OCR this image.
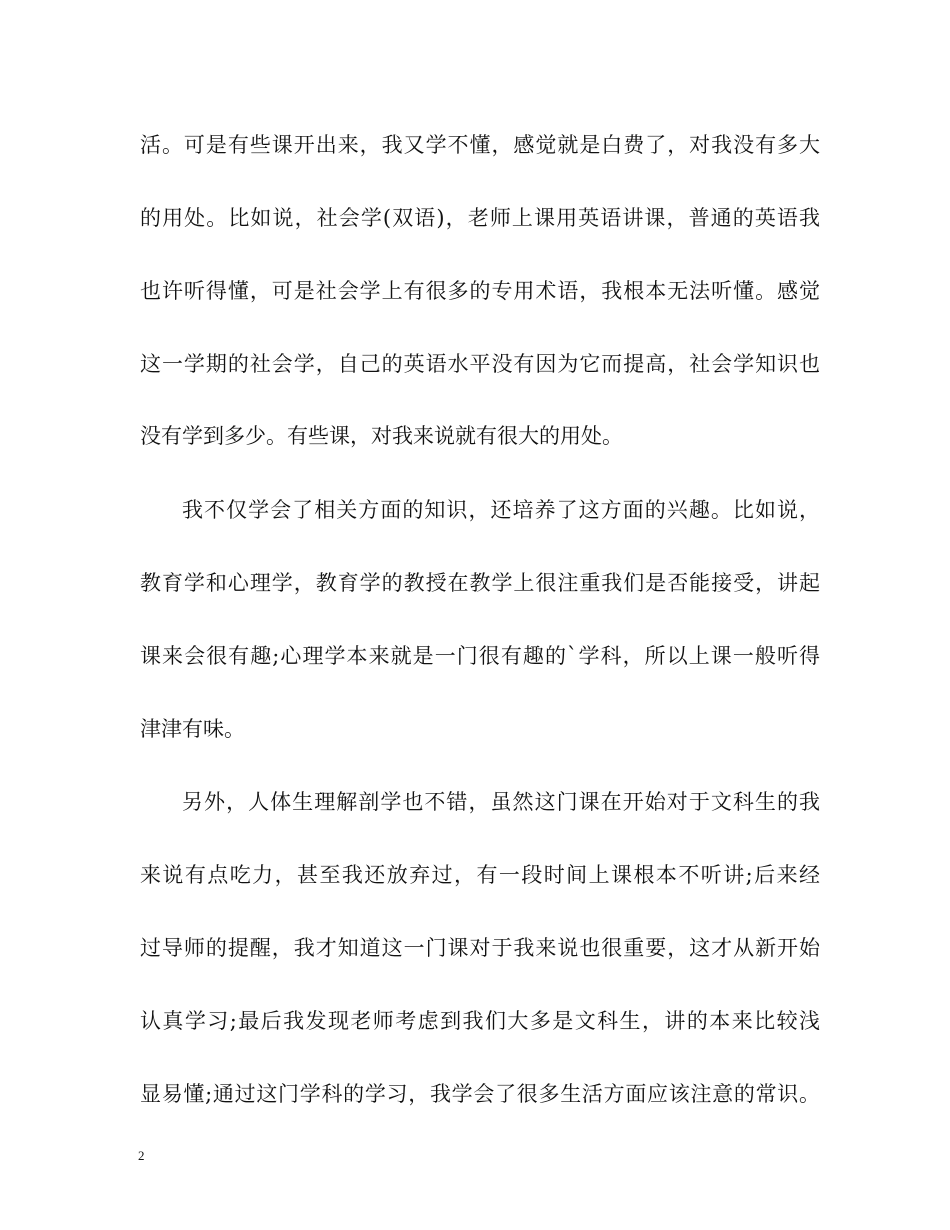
活。可是有些课开出来，我又学不懂，感觉就是白费了，对我没有多大
的用处。比如说，社会学(双语)，老师上课用英语讲课，普通的英语我
也许听得懂，可是社会学上有很多的专用术语，我根本无法听懂。感觉
这一学期的社会学，自己的英语水平没有因为它而提高，社会学知识也
没有学到多少。有些课，对我来说就有很大的用处。
我不仅学会了相关方面的知识，还培养了这方面的兴趣。比如说，
教育学和心理学，教育学的教授在教学上很注重我们是否能接受，讲起
课来会很有趣;心理学本来就是一门很有趣的`学科，所以上课一般听得
津津有味。
另外，人体生理解剖学也不错，虽然这门课在开始对于文科生的我
来说有点吃力，甚至我还放弃过，有一段时间上课根本不听讲;后来经
过导师的提醒，我才知道这一门课对于我来说也很重要，这才从新开始
认真学习;最后我发现老师考虑到我们大多是文科生，讲的本来比较浅
显易懂;通过这门学科的学习，我学会了很多生活方面应该注意的常识。
2
